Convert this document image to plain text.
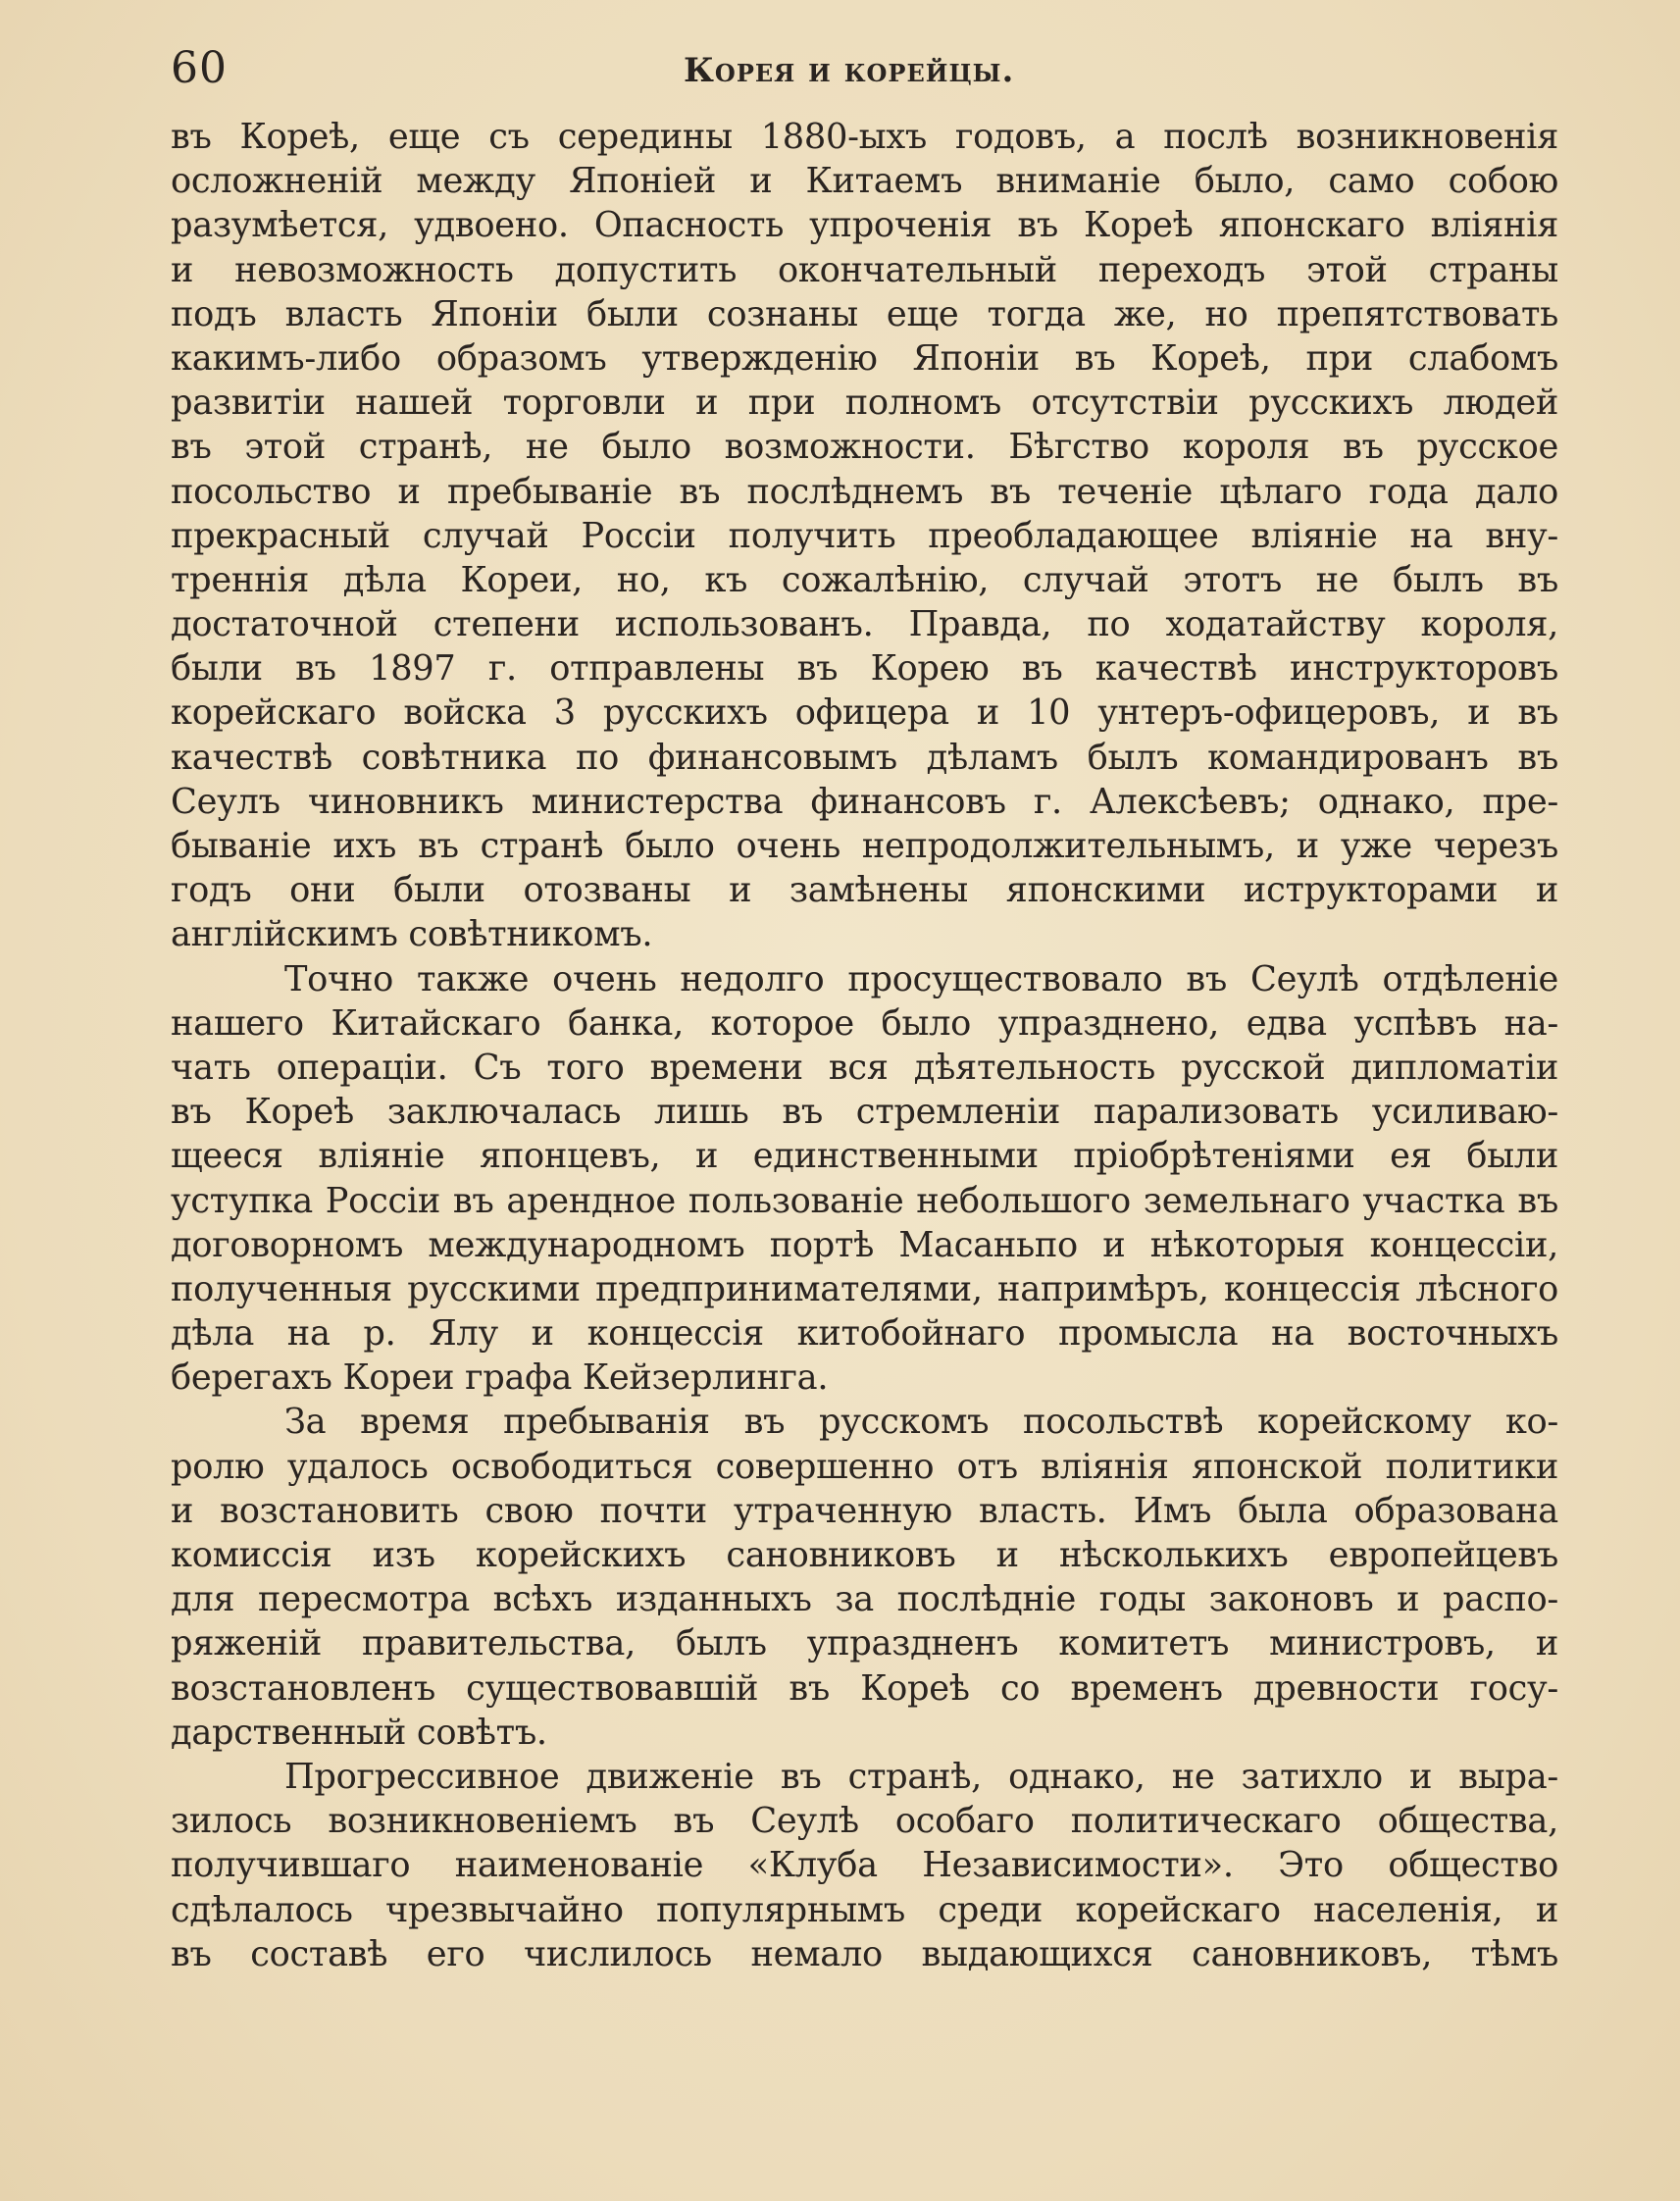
60	Корея и корейцы.
въ Кореѣ, еще съ середины 1880-ыхъ годовъ, а послѣ возникновенія
осложненій между Японіей и Китаемъ вниманіе было, само собою
разумѣется, удвоено. Опасность упроченія въ Кореѣ японскаго вліянія
и невозможность допустить окончательный переходъ этой страны
подъ власть Японіи были сознаны еще тогда же, но препятствовать
какимъ-либо образомъ утвержденію Японіи въ Кореѣ, при слабомъ
развитіи нашей торговли и при полномъ отсутствіи русскихъ людей
въ этой странѣ, не было возможности. Бѣгство короля въ русское
посольство и пребываніе въ послѣднемъ въ теченіе цѣлаго года дало
прекрасный случай Россіи получить преобладающее вліяніе на вну-
треннія дѣла Кореи, но, къ сожалѣнію, случай этотъ не былъ въ
достаточной степени использованъ. Правда, по ходатайству короля,
были въ 1897 г. отправлены въ Корею въ качествѣ инструкторовъ
корейскаго войска 3 русскихъ офицера и 10 унтеръ-офицеровъ, и въ
качествѣ совѣтника по финансовымъ дѣламъ былъ командированъ въ
Сеулъ чиновникъ министерства финансовъ г. Алексѣевъ; однако, пре-
бываніе ихъ въ странѣ было очень непродолжительнымъ, и уже черезъ
годъ они были отозваны и замѣнены японскими иструкторами и
англійскимъ совѣтникомъ.
Точно также очень недолго просуществовало въ Сеулѣ отдѣленіе
нашего Китайскаго банка, которое было упразднено, едва успѣвъ на-
чать операціи. Съ того времени вся дѣятельность русской дипломатіи
въ Кореѣ заключалась лишь въ стремленіи парализовать усиливаю-
щееся вліяніе японцевъ, и единственными пріобрѣтеніями ея были
уступка Россіи въ арендное пользованіе небольшого земельнаго участка въ
договорномъ международномъ портѣ Масаньпо и нѣкоторыя концессіи,
полученныя русскими предпринимателями, напримѣръ, концессія лѣсного
дѣла на р. Ялу и концессія китобойнаго промысла на восточныхъ
берегахъ Кореи графа Кейзерлинга.
За время пребыванія въ русскомъ посольствѣ корейскому ко-
ролю удалось освободиться совершенно отъ вліянія японской политики
и возстановить свою почти утраченную власть. Имъ была образована
комиссія изъ корейскихъ сановниковъ и нѣсколькихъ европейцевъ
для пересмотра всѣхъ изданныхъ за послѣдніе годы законовъ и распо-
ряженій правительства, былъ упраздненъ комитетъ министровъ, и
возстановленъ существовавшій въ Кореѣ со временъ древности госу-
дарственный совѣтъ.
Прогрессивное движеніе въ странѣ, однако, не затихло и выра-
зилось возникновеніемъ въ Сеулѣ особаго политическаго общества,
получившаго наименованіе «Клуба Независимости». Это общество
сдѣлалось чрезвычайно популярнымъ среди корейскаго населенія, и
въ составѣ его числилось немало выдающихся сановниковъ, тѣмъ
